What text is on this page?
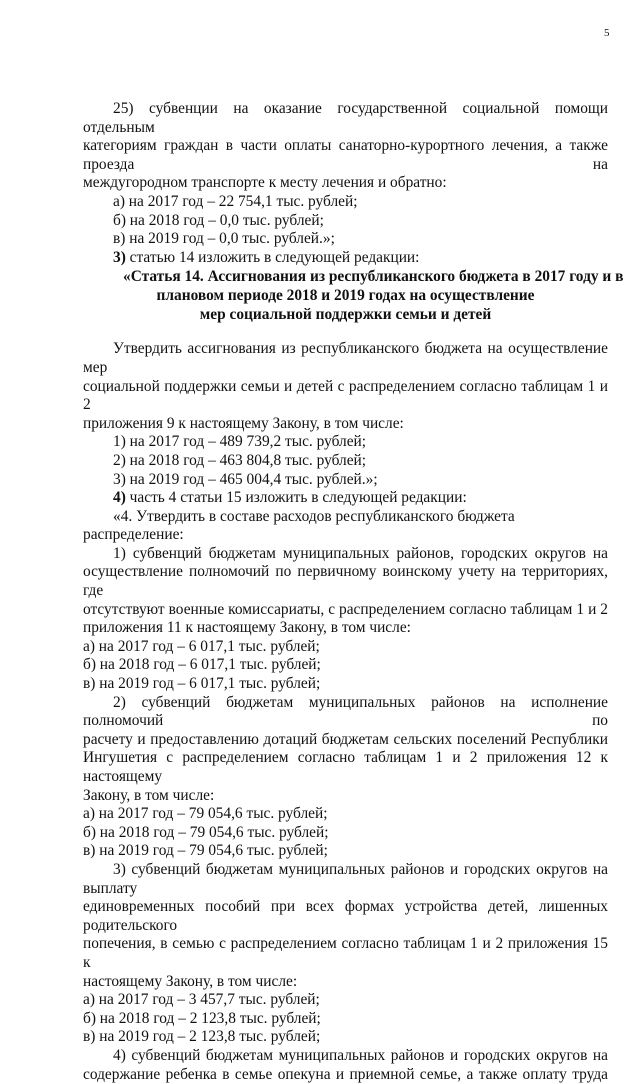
5

25) субвенции на оказание государственной социальной помощи отдельным

категориям граждан в части оплаты санаторно-курортного лечения, а также проезда на

междугородном транспорте к месту лечения и обратно:

а) на 2017 год – 22 754,1 тыс. рублей;

б) на 2018 год – 0,0 тыс. рублей;

в) на 2019 год – 0,0 тыс. рублей.»;

3) статью 14 изложить в следующей редакции:

«Статья 14. Ассигнования из республиканского бюджета в 2017 году и в

плановом периоде 2018 и 2019 годах на осуществление

мер социальной поддержки семьи и детей

Утвердить ассигнования из республиканского бюджета на осуществление мер

социальной поддержки семьи и детей с распределением согласно таблицам 1 и 2

приложения 9 к настоящему Закону, в том числе:

1) на 2017 год – 489 739,2 тыс. рублей;

2) на 2018 год – 463 804,8 тыс. рублей;

3) на 2019 год – 465 004,4 тыс. рублей.»;

4) часть 4 статьи 15 изложить в следующей редакции:

«4. Утвердить в составе расходов республиканского бюджета распределение:

1) субвенций бюджетам муниципальных районов, городских округов на

осуществление полномочий по первичному воинскому учету на территориях, где

отсутствуют военные комиссариаты, с распределением согласно таблицам 1 и 2

приложения 11 к настоящему Закону, в том числе:

а) на 2017 год – 6 017,1 тыс. рублей;

б) на 2018 год – 6 017,1 тыс. рублей;

в) на 2019 год – 6 017,1 тыс. рублей;

2) субвенций бюджетам муниципальных районов на исполнение полномочий по

расчету и предоставлению дотаций бюджетам сельских поселений Республики

Ингушетия с распределением согласно таблицам 1 и 2 приложения 12 к настоящему

Закону, в том числе:

а) на 2017 год – 79 054,6 тыс. рублей;

б) на 2018 год – 79 054,6 тыс. рублей;

в) на 2019 год – 79 054,6 тыс. рублей;

3) субвенций бюджетам муниципальных районов и городских округов на выплату

единовременных пособий при всех формах устройства детей, лишенных родительского

попечения, в семью с распределением согласно таблицам 1 и 2 приложения 15 к

настоящему Закону, в том числе:

а) на 2017 год – 3 457,7 тыс. рублей;

б) на 2018 год – 2 123,8 тыс. рублей;

в) на 2019 год – 2 123,8 тыс. рублей;

4) субвенций бюджетам муниципальных районов и городских округов на

содержание ребенка в семье опекуна и приемной семье, а также оплату труда
